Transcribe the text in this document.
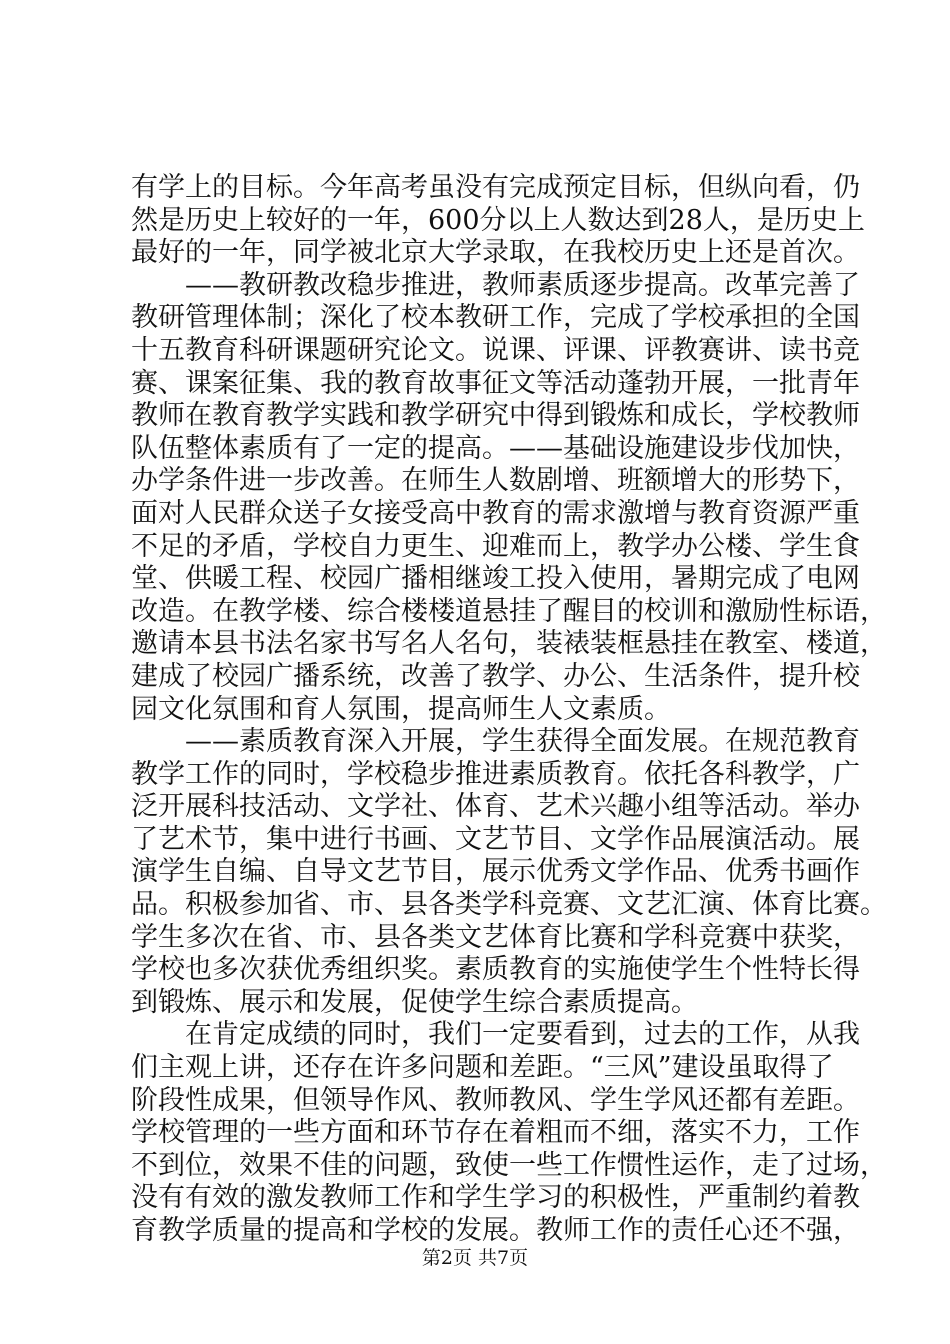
有学上的目标。今年高考虽没有完成预定目标，但纵向看，仍
然是历史上较好的一年，600分以上人数达到28人，是历史上
最好的一年，同学被北京大学录取，在我校历史上还是首次。
——教研教改稳步推进，教师素质逐步提高。改革完善了
教研管理体制；深化了校本教研工作，完成了学校承担的全国
十五教育科研课题研究论文。说课、评课、评教赛讲、读书竞
赛、课案征集、我的教育故事征文等活动蓬勃开展，一批青年
教师在教育教学实践和教学研究中得到锻炼和成长，学校教师
队伍整体素质有了一定的提高。——基础设施建设步伐加快，
办学条件进一步改善。在师生人数剧增、班额增大的形势下，
面对人民群众送子女接受高中教育的需求激增与教育资源严重
不足的矛盾，学校自力更生、迎难而上，教学办公楼、学生食
堂、供暖工程、校园广播相继竣工投入使用，暑期完成了电网
改造。在教学楼、综合楼楼道悬挂了醒目的校训和激励性标语，
邀请本县书法名家书写名人名句，装裱装框悬挂在教室、楼道，
建成了校园广播系统，改善了教学、办公、生活条件，提升校
园文化氛围和育人氛围，提高师生人文素质。
——素质教育深入开展，学生获得全面发展。在规范教育
教学工作的同时，学校稳步推进素质教育。依托各科教学，广
泛开展科技活动、文学社、体育、艺术兴趣小组等活动。举办
了艺术节，集中进行书画、文艺节目、文学作品展演活动。展
演学生自编、自导文艺节目，展示优秀文学作品、优秀书画作
品。积极参加省、市、县各类学科竞赛、文艺汇演、体育比赛。
学生多次在省、市、县各类文艺体育比赛和学科竞赛中获奖，
学校也多次获优秀组织奖。素质教育的实施使学生个性特长得
到锻炼、展示和发展，促使学生综合素质提高。
在肯定成绩的同时，我们一定要看到，过去的工作，从我
们主观上讲，还存在许多问题和差距。“三风”建设虽取得了
阶段性成果，但领导作风、教师教风、学生学风还都有差距。
学校管理的一些方面和环节存在着粗而不细，落实不力，工作
不到位，效果不佳的问题，致使一些工作惯性运作，走了过场，
没有有效的激发教师工作和学生学习的积极性，严重制约着教
育教学质量的提高和学校的发展。教师工作的责任心还不强，
第2页 共7页
